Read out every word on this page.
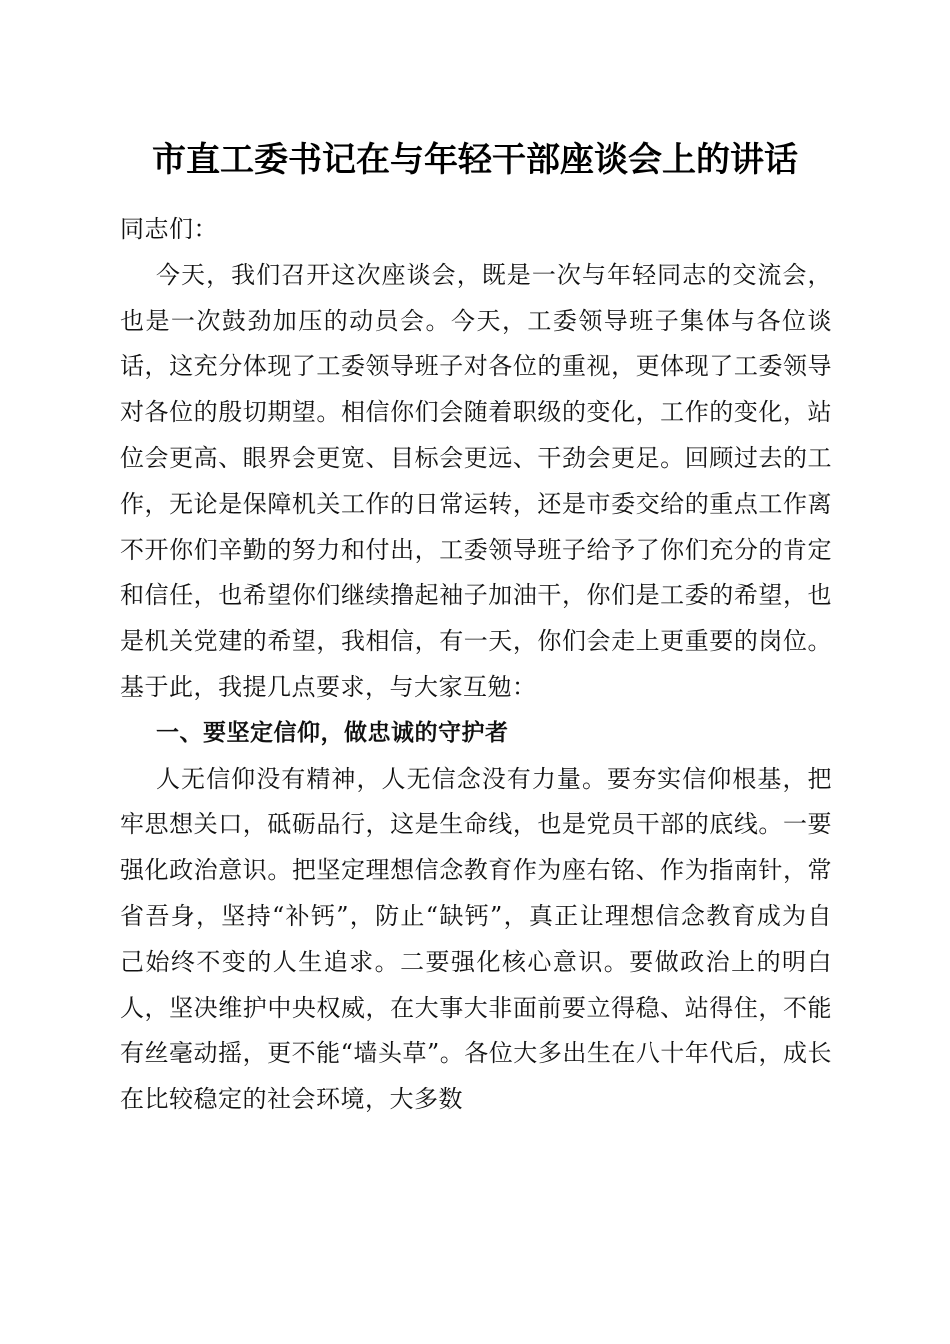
市直工委书记在与年轻干部座谈会上的讲话

同志们：

今天，我们召开这次座谈会，既是一次与年轻同志的交流会，也是一次鼓劲加压的动员会。今天，工委领导班子集体与各位谈话，这充分体现了工委领导班子对各位的重视，更体现了工委领导对各位的殷切期望。相信你们会随着职级的变化，工作的变化，站位会更高、眼界会更宽、目标会更远、干劲会更足。回顾过去的工作，无论是保障机关工作的日常运转，还是市委交给的重点工作离不开你们辛勤的努力和付出，工委领导班子给予了你们充分的肯定和信任，也希望你们继续撸起袖子加油干，你们是工委的希望，也是机关党建的希望，我相信，有一天，你们会走上更重要的岗位。基于此，我提几点要求，与大家互勉：

一、要坚定信仰，做忠诚的守护者

人无信仰没有精神，人无信念没有力量。要夯实信仰根基，把牢思想关口，砥砺品行，这是生命线，也是党员干部的底线。一要强化政治意识。把坚定理想信念教育作为座右铭、作为指南针，常省吾身，坚持“补钙”，防止“缺钙”，真正让理想信念教育成为自己始终不变的人生追求。二要强化核心意识。要做政治上的明白人，坚决维护中央权威，在大事大非面前要立得稳、站得住，不能有丝毫动摇，更不能“墙头草”。各位大多出生在八十年代后，成长在比较稳定的社会环境，大多数
